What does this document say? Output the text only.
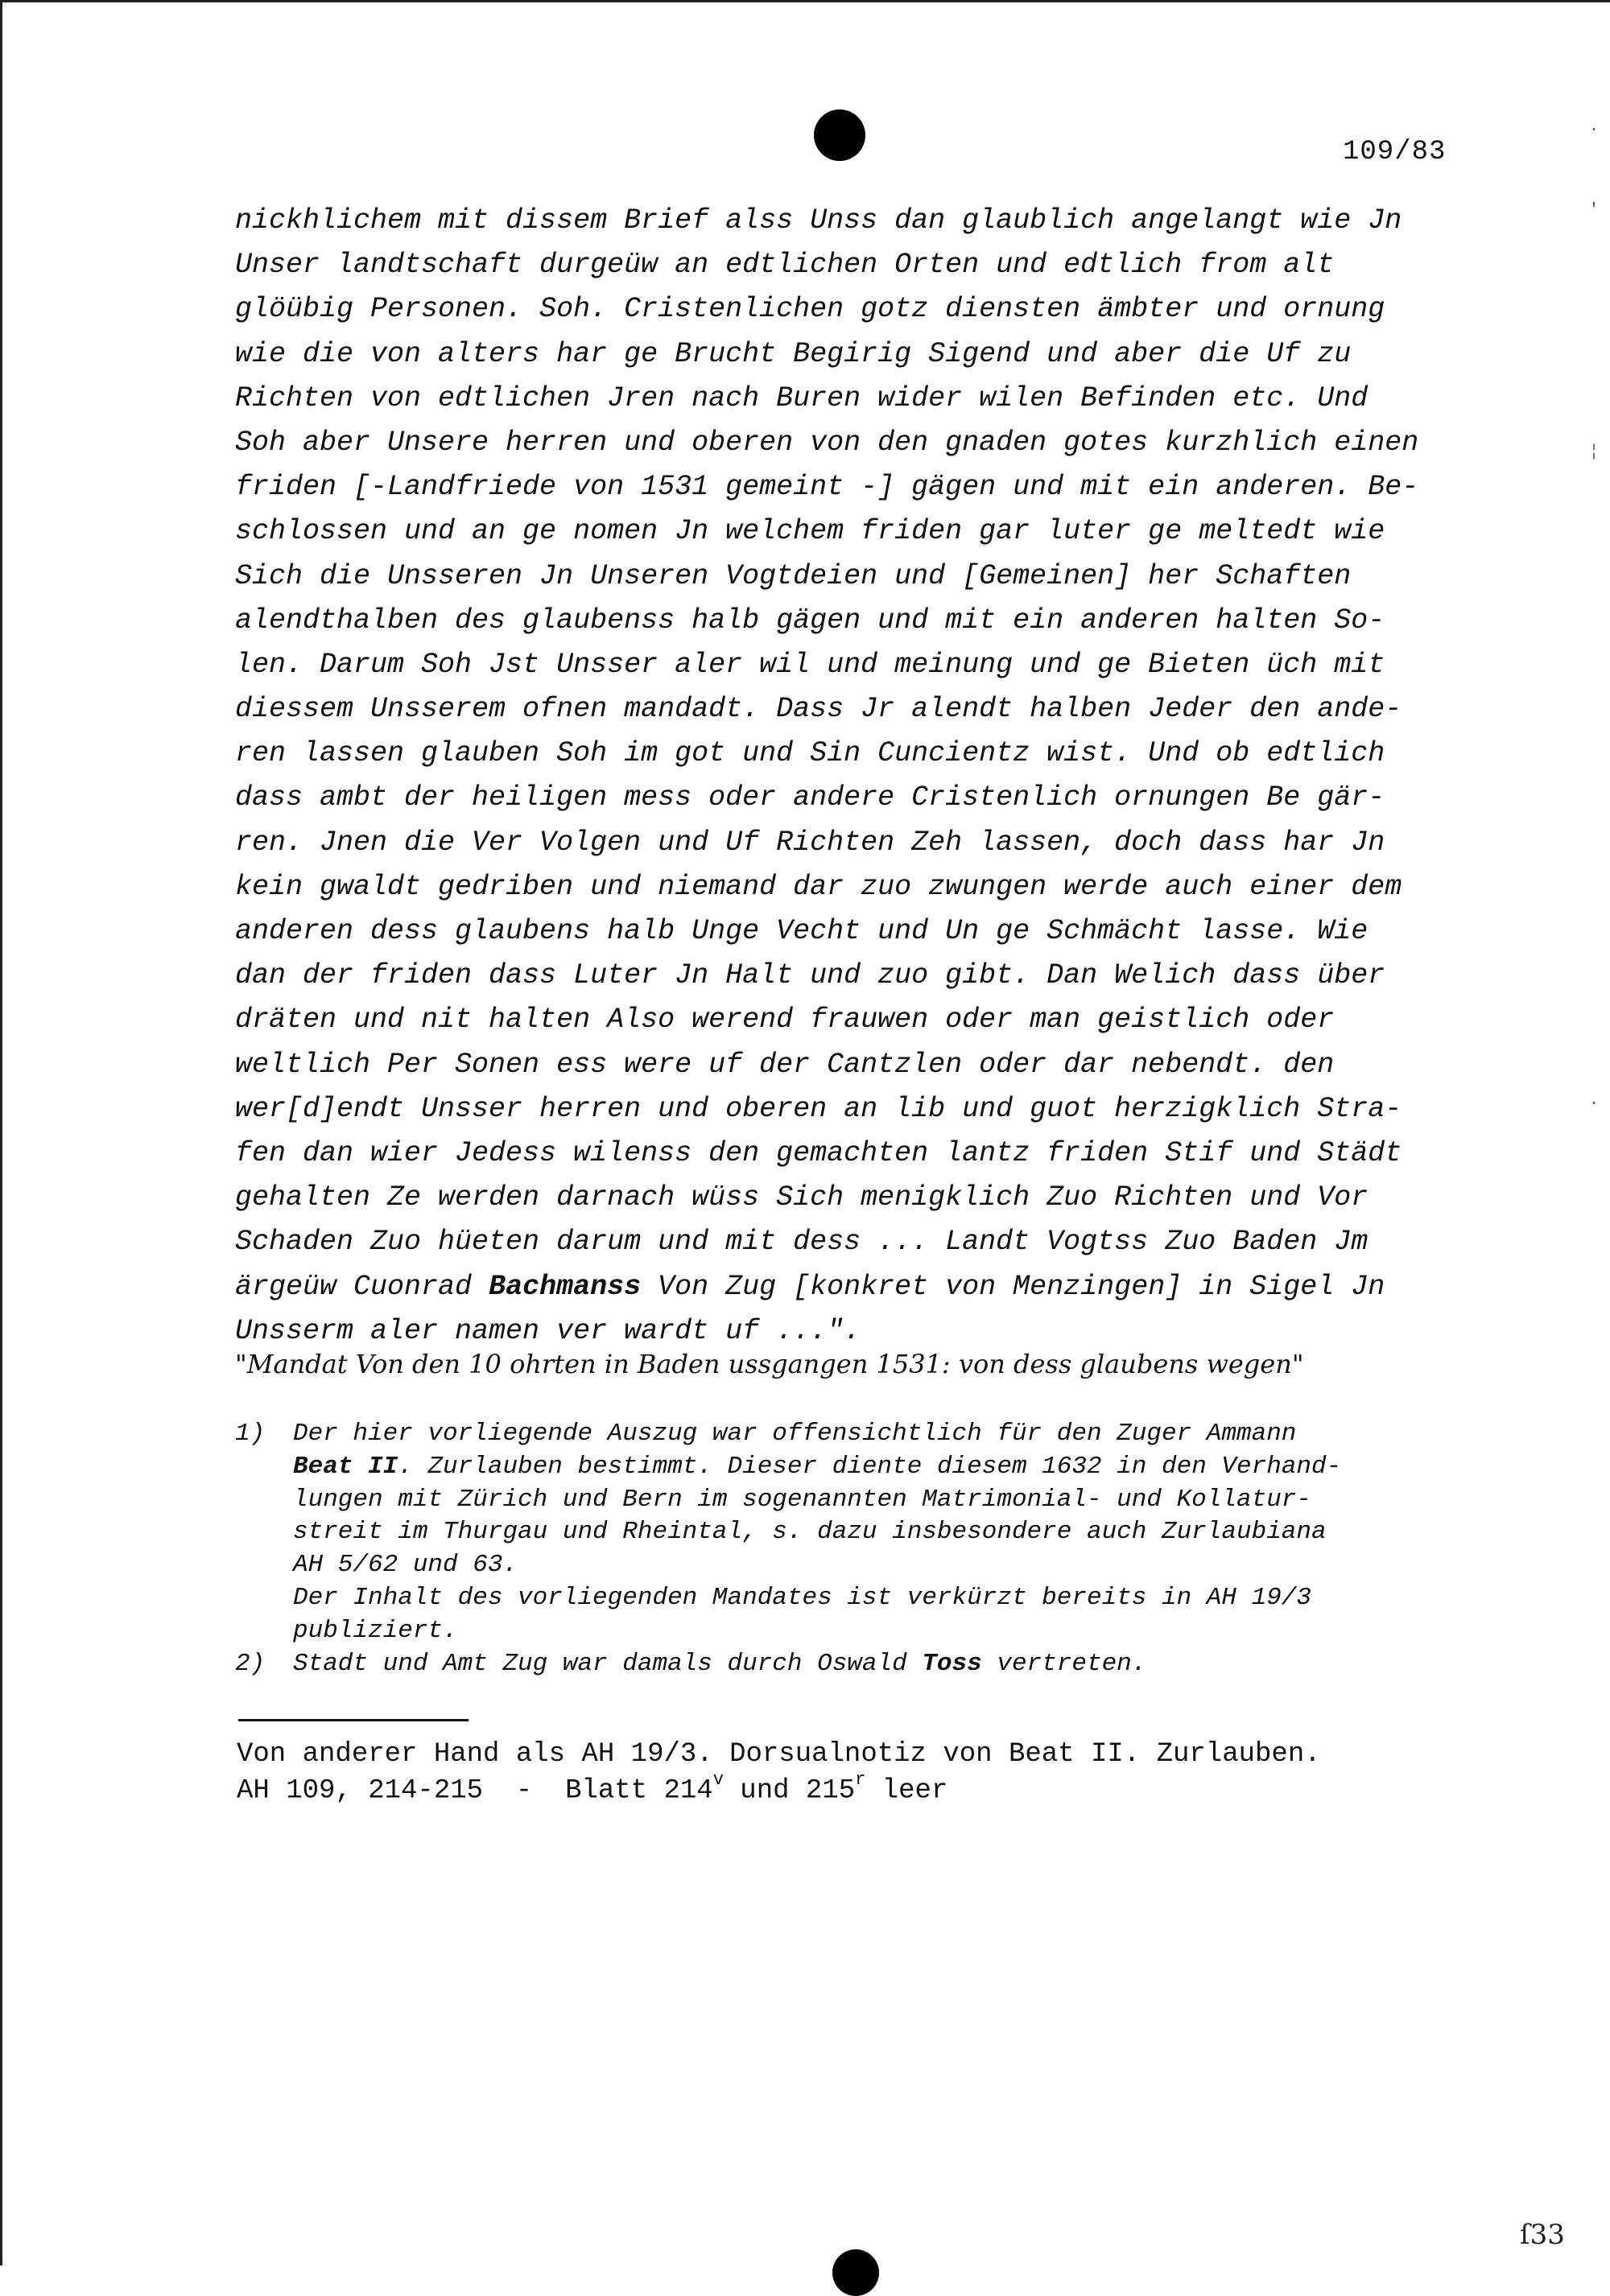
109/83
nickhlichem mit dissem Brief alss Unss dan glaublich angelangt wie Jn
Unser landtschaft durgeüw an edtlichen Orten und edtlich from alt
glöübig Personen. Soh. Cristenlichen gotz diensten ämbter und ornung
wie die von alters har ge Brucht Begirig Sigend und aber die Uf zu
Richten von edtlichen Jren nach Buren wider wilen Befinden etc. Und
Soh aber Unsere herren und oberen von den gnaden gotes kurzhlich einen
friden [-Landfriede von 1531 gemeint -] gägen und mit ein anderen. Be-
schlossen und an ge nomen Jn welchem friden gar luter ge meltedt wie
Sich die Unsseren Jn Unseren Vogtdeien und [Gemeinen] her Schaften
alendthalben des glaubenss halb gägen und mit ein anderen halten So-
len. Darum Soh Jst Unsser aler wil und meinung und ge Bieten üch mit
diessem Unsserem ofnen mandadt. Dass Jr alendt halben Jeder den ande-
ren lassen glauben Soh im got und Sin Cuncientz wist. Und ob edtlich
dass ambt der heiligen mess oder andere Cristenlich ornungen Be gär-
ren. Jnen die Ver Volgen und Uf Richten Zeh lassen, doch dass har Jn
kein gwaldt gedriben und niemand dar zuo zwungen werde auch einer dem
anderen dess glaubens halb Unge Vecht und Un ge Schmächt lasse. Wie
dan der friden dass Luter Jn Halt und zuo gibt. Dan Welich dass über
dräten und nit halten Also werend frauwen oder man geistlich oder
weltlich Per Sonen ess were uf der Cantzlen oder dar nebendt. den
wer[d]endt Unsser herren und oberen an lib und guot herzigklich Stra-
fen dan wier Jedess wilenss den gemachten lantz friden Stif und Städt
gehalten Ze werden darnach wüss Sich menigklich Zuo Richten und Vor
Schaden Zuo hüeten darum und mit dess ... Landt Vogtss Zuo Baden Jm
ärgeüw Cuonrad Bachmanss Von Zug [konkret von Menzingen] in Sigel Jn
Unsserm aler namen ver wardt uf ...".
"Mandat Von den 10 ohrten in Baden ussgangen 1531: von dess glaubens wegen"
1) Der hier vorliegende Auszug war offensichtlich für den Zuger Ammann
Beat II. Zurlauben bestimmt. Dieser diente diesem 1632 in den Verhand-
lungen mit Zürich und Bern im sogenannten Matrimonial- und Kollatur-
streit im Thurgau und Rheintal, s. dazu insbesondere auch Zurlaubiana
AH 5/62 und 63.
Der Inhalt des vorliegenden Mandates ist verkürzt bereits in AH 19/3
publiziert.
2) Stadt und Amt Zug war damals durch Oswald Toss vertreten.
Von anderer Hand als AH 19/3. Dorsualnotiz von Beat II. Zurlauben.
AH 109, 214-215  -  Blatt 214$^v$ und 215$^r$ leer
·
'
¦
·
ſ33
